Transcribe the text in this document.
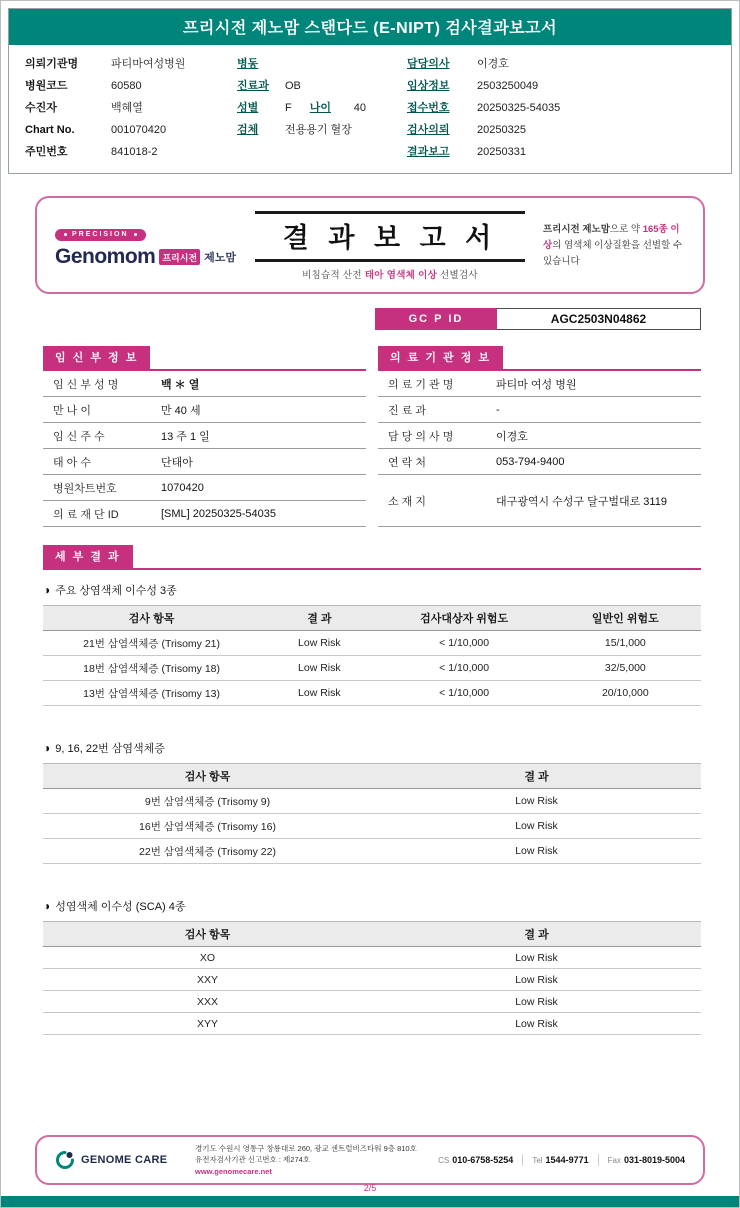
프리시전 제노맘 스탠다드 (E-NIPT) 검사결과보고서
의뢰기관명	파티마여성병원
병원코드	60580
수진자	백혜열
Chart No.	001070420
주민번호	841018-2
병동
진료과 OB
성별 F 나이 40
검체 전용용기 혈장
담당의사 이경호
임상정보 2503250049
접수번호 20250325-54035
검사의뢰 20250325
결과보고 20250331
PRECISION
Genomom 프리시전 제노맘
결 과 보 고 서
비침습적 산전 태아 염색체 이상 선별검사
프리시전 제노맘으로 약 165종 이상의 염색체 이상질환을 선별할 수 있습니다
GC P ID	AGC2503N04862
임 신 부 정 보
임 신 부 성 명	백 ＊ 열
만 나 이	만 40 세
임 신 주 수	13 주 1 일
태 아 수	단태아
병원차트번호	1070420
의 료 재 단 ID	[SML] 20250325-54035
의 료 기 관 정 보
의 료 기 관 명	파티마 여성 병원
진 료 과	-
담 당 의 사 명	이경호
연 락 처	053-794-9400
소 재 지	대구광역시 수성구 달구벌대로 3119
세 부 결 과
◑ 주요 상염색체 이수성 3종
검사 항목	결 과	검사대상자 위험도	일반인 위험도
21번 삼염색체증 (Trisomy 21)	Low Risk	< 1/10,000	15/1,000
18번 삼염색체증 (Trisomy 18)	Low Risk	< 1/10,000	32/5,000
13번 삼염색체증 (Trisomy 13)	Low Risk	< 1/10,000	20/10,000
◑ 9, 16, 22번 삼염색체증
검사 항목	결 과
9번 삼염색체증 (Trisomy 9)	Low Risk
16번 삼염색체증 (Trisomy 16)	Low Risk
22번 삼염색체증 (Trisomy 22)	Low Risk
◑ 성염색체 이수성 (SCA) 4종
검사 항목	결 과
XO	Low Risk
XXY	Low Risk
XXX	Low Risk
XYY	Low Risk
GENOME CARE
경기도 수원시 영통구 창룡대로 260, 광교 센트럴비즈타워 9층 810호
유전자검사기관 신고번호 : 제274호
www.genomecare.net
CS 010-6758-5254 Tel 1544-9771 Fax 031-8019-5004
2/5
